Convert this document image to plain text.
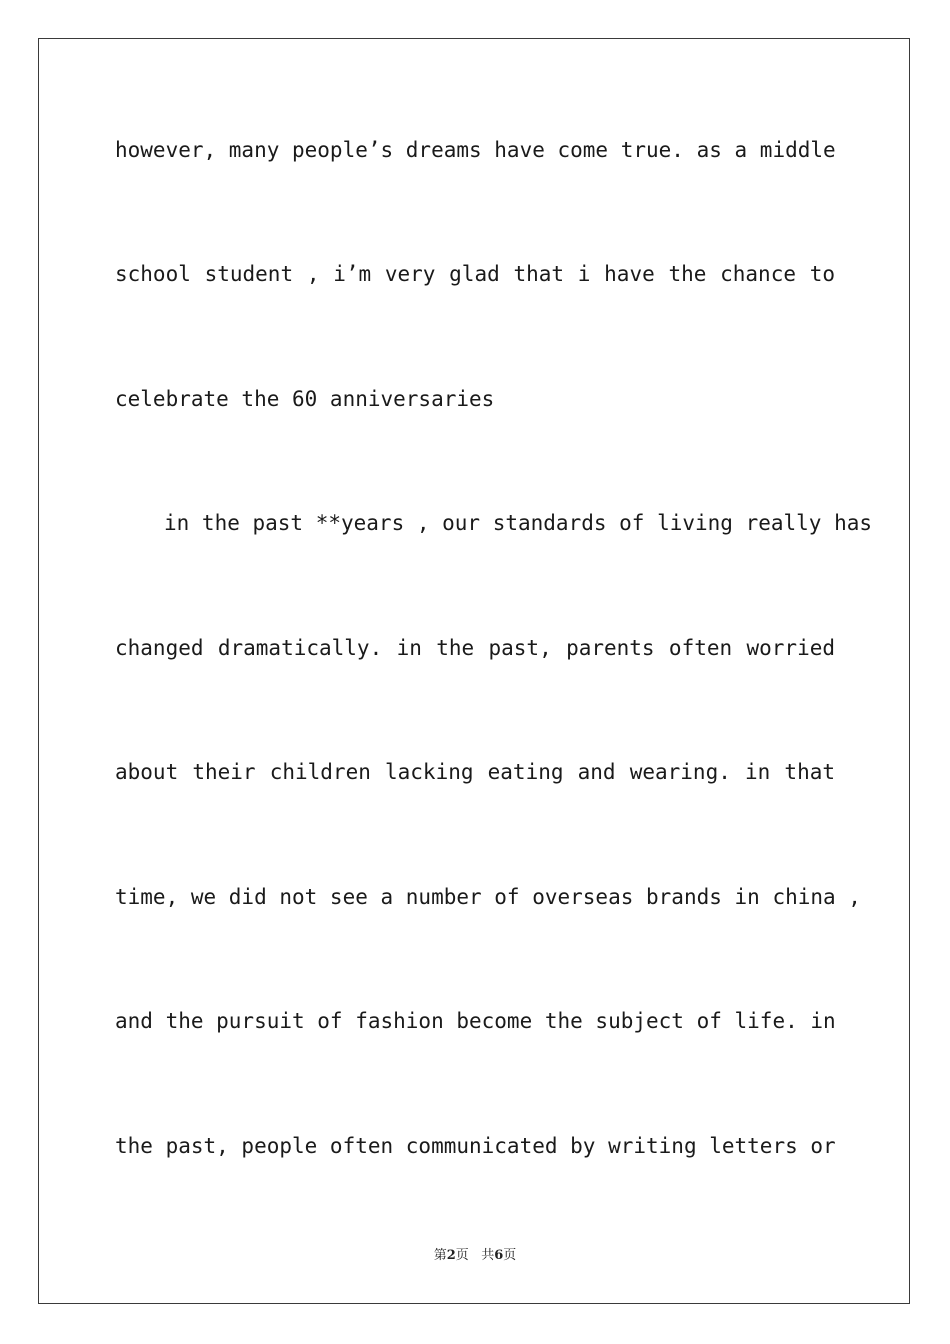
however, many people’s dreams have come true. as a middle
school student , i’m very glad that i have the chance to
celebrate the 60 anniversaries
in the past **years , our standards of living really has
changed dramatically. in the past, parents often worried
about their children lacking eating and wearing. in that
time, we did not see a number of overseas brands in china ,
and the pursuit of fashion become the subject of life. in
the past, people often communicated by writing letters or
第2页 共6页
